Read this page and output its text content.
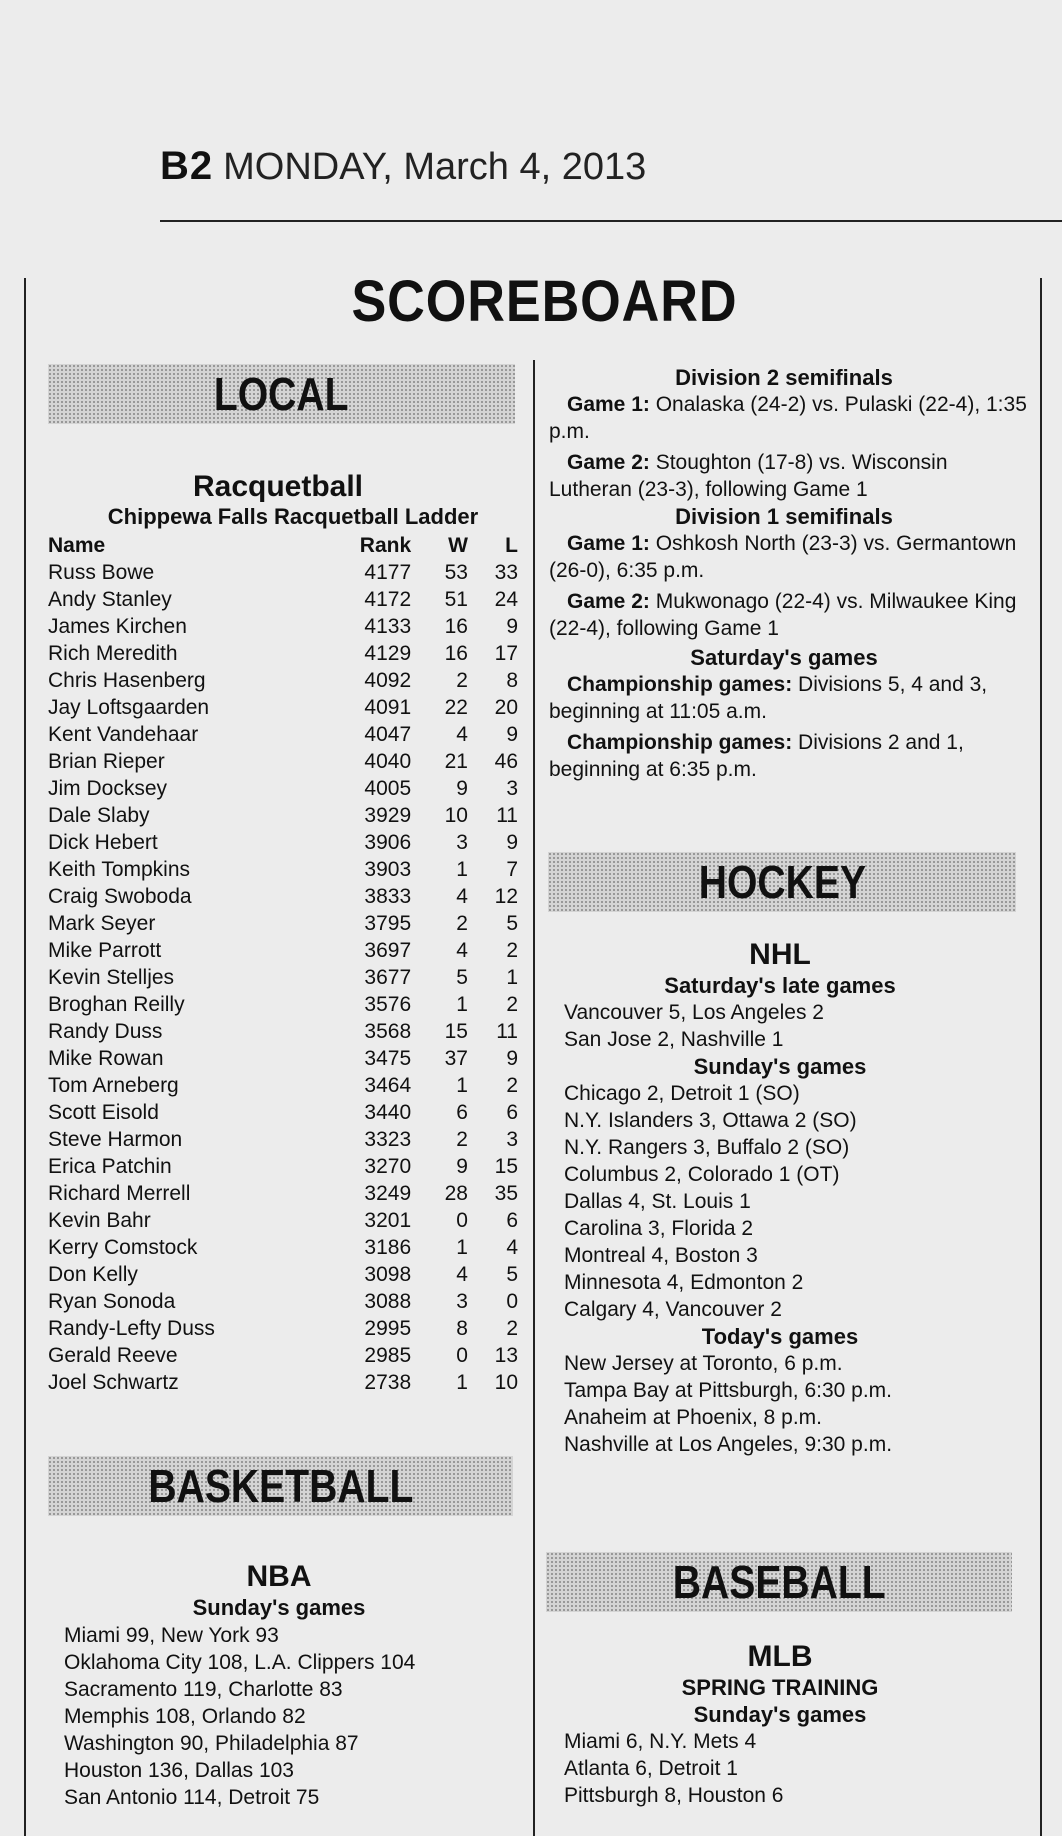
B2 MONDAY, March 4, 2013
SCOREBOARD
LOCAL
Racquetball
Chippewa Falls Racquetball Ladder
Name	Rank	W	L
Russ Bowe	4177	53	33
Andy Stanley	4172	51	24
James Kirchen	4133	16	9
Rich Meredith	4129	16	17
Chris Hasenberg	4092	2	8
Jay Loftsgaarden	4091	22	20
Kent Vandehaar	4047	4	9
Brian Rieper	4040	21	46
Jim Docksey	4005	9	3
Dale Slaby	3929	10	11
Dick Hebert	3906	3	9
Keith Tompkins	3903	1	7
Craig Swoboda	3833	4	12
Mark Seyer	3795	2	5
Mike Parrott	3697	4	2
Kevin Stelljes	3677	5	1
Broghan Reilly	3576	1	2
Randy Duss	3568	15	11
Mike Rowan	3475	37	9
Tom Arneberg	3464	1	2
Scott Eisold	3440	6	6
Steve Harmon	3323	2	3
Erica Patchin	3270	9	15
Richard Merrell	3249	28	35
Kevin Bahr	3201	0	6
Kerry Comstock	3186	1	4
Don Kelly	3098	4	5
Ryan Sonoda	3088	3	0
Randy-Lefty Duss	2995	8	2
Gerald Reeve	2985	0	13
Joel Schwartz	2738	1	10
BASKETBALL
NBA
Sunday's games
Miami 99, New York 93
Oklahoma City 108, L.A. Clippers 104
Sacramento 119, Charlotte 83
Memphis 108, Orlando 82
Washington 90, Philadelphia 87
Houston 136, Dallas 103
San Antonio 114, Detroit 75
Division 2 semifinals
Game 1: Onalaska (24-2) vs. Pulaski (22-4), 1:35
p.m.
Game 2: Stoughton (17-8) vs. Wisconsin
Lutheran (23-3), following Game 1
Division 1 semifinals
Game 1: Oshkosh North (23-3) vs. Germantown
(26-0), 6:35 p.m.
Game 2: Mukwonago (22-4) vs. Milwaukee King
(22-4), following Game 1
Saturday's games
Championship games: Divisions 5, 4 and 3,
beginning at 11:05 a.m.
Championship games: Divisions 2 and 1,
beginning at 6:35 p.m.
HOCKEY
NHL
Saturday's late games
Vancouver 5, Los Angeles 2
San Jose 2, Nashville 1
Sunday's games
Chicago 2, Detroit 1 (SO)
N.Y. Islanders 3, Ottawa 2 (SO)
N.Y. Rangers 3, Buffalo 2 (SO)
Columbus 2, Colorado 1 (OT)
Dallas 4, St. Louis 1
Carolina 3, Florida 2
Montreal 4, Boston 3
Minnesota 4, Edmonton 2
Calgary 4, Vancouver 2
Today's games
New Jersey at Toronto, 6 p.m.
Tampa Bay at Pittsburgh, 6:30 p.m.
Anaheim at Phoenix, 8 p.m.
Nashville at Los Angeles, 9:30 p.m.
BASEBALL
MLB
SPRING TRAINING
Sunday's games
Miami 6, N.Y. Mets 4
Atlanta 6, Detroit 1
Pittsburgh 8, Houston 6
